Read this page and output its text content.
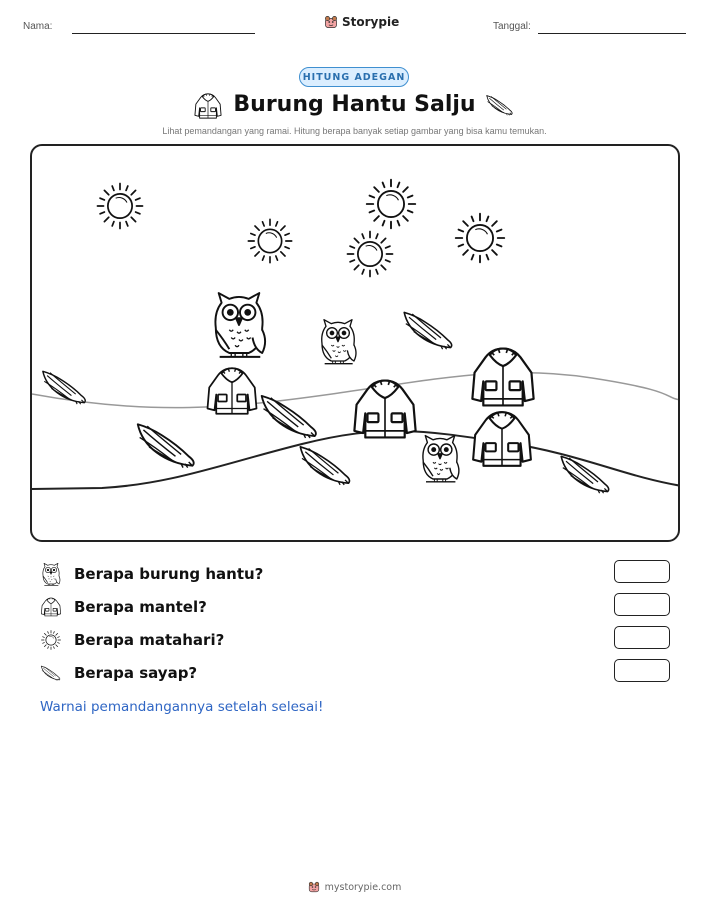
Nama:	Storypie	Tanggal:
HITUNG ADEGAN
Burung Hantu Salju
Lihat pemandangan yang ramai. Hitung berapa banyak setiap gambar yang bisa kamu temukan.
Berapa burung hantu?
Berapa mantel?
Berapa matahari?
Berapa sayap?
Warnai pemandangannya setelah selesai!
mystorypie.com
